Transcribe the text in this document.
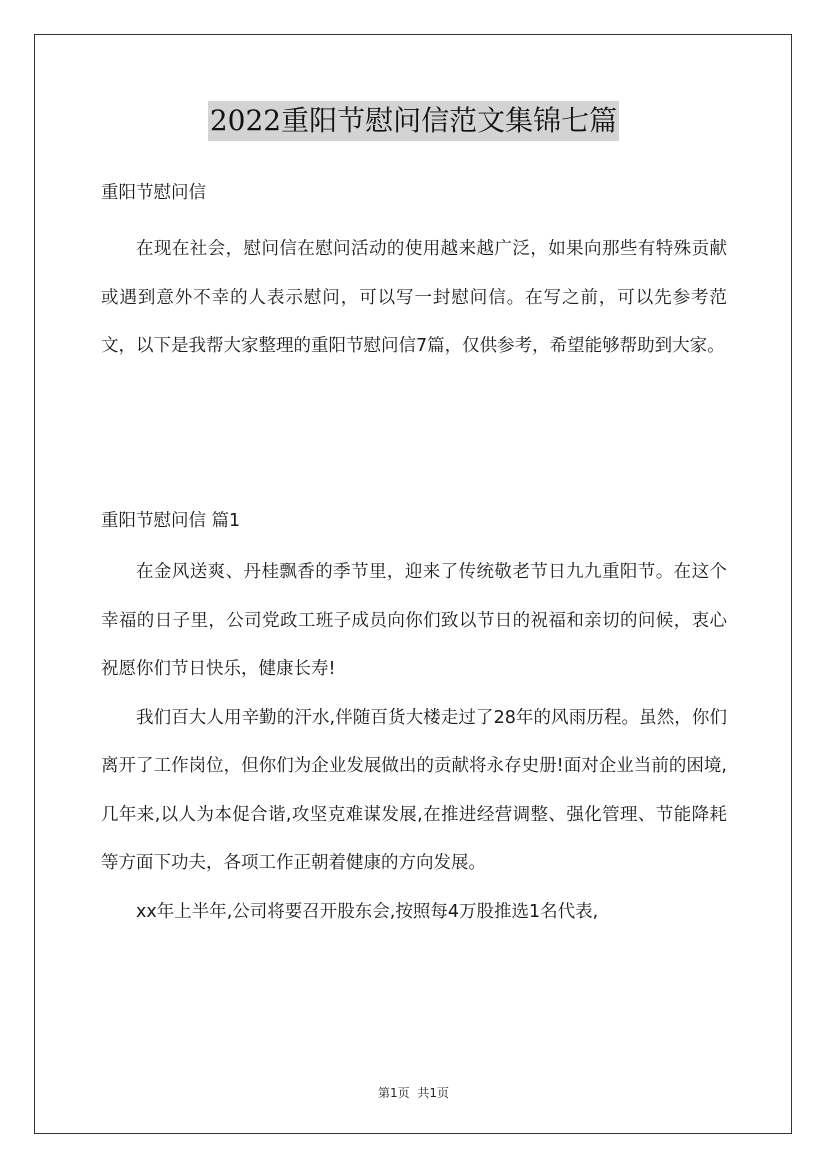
2022重阳节慰问信范文集锦七篇
重阳节慰问信

在现在社会，慰问信在慰问活动的使用越来越广泛，如果向那些有特殊贡献或遇到意外不幸的人表示慰问，可以写一封慰问信。在写之前，可以先参考范文，以下是我帮大家整理的重阳节慰问信7篇，仅供参考，希望能够帮助到大家。

重阳节慰问信 篇1

在金风送爽、丹桂飘香的季节里，迎来了传统敬老节日九九重阳节。在这个幸福的日子里，公司党政工班子成员向你们致以节日的祝福和亲切的问候，衷心祝愿你们节日快乐，健康长寿!

我们百大人用辛勤的汗水,伴随百货大楼走过了28年的风雨历程。虽然，你们离开了工作岗位，但你们为企业发展做出的贡献将永存史册!面对企业当前的困境,几年来,以人为本促合谐,攻坚克难谋发展,在推进经营调整、强化管理、节能降耗等方面下功夫，各项工作正朝着健康的方向发展。

xx年上半年,公司将要召开股东会,按照每4万股推选1名代表,

第1页 共1页
